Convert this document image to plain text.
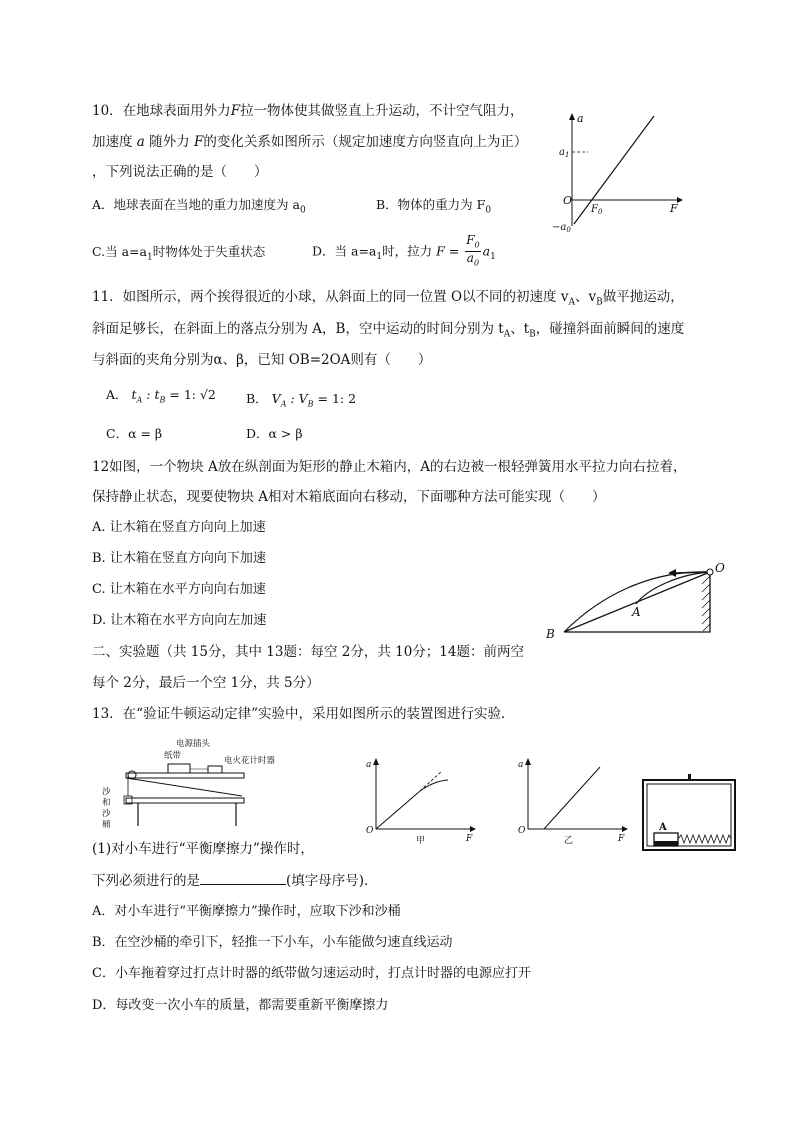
10．在地球表面用外力F拉一物体使其做竖直上升运动，不计空气阻力，
加速度 a 随外力 F的变化关系如图所示（规定加速度方向竖直向上为正）
，下列说法正确的是（　　）
A．地球表面在当地的重力加速度为 $a_0$	B．物体的重力为 $F_0$
C.当 $a=a_1$时物体处于失重状态	D．当 $a=a_1$时，拉力 $F = \frac{F_0}{a_0} a_1$
a
F
O
$a_1$
$F_0$
$-a_0$
11．如图所示，两个挨得很近的小球，从斜面上的同一位置 O以不同的初速度 $v_A$、$v_B$做平抛运动，
斜面足够长，在斜面上的落点分别为 A，B，空中运动的时间分别为 $t_A$、$t_B$，碰撞斜面前瞬间的速度
与斜面的夹角分别为α、β，已知 OB=2OA则有（　　）
A． $t_A$ : $t_B = 1$: √2 B． $V_A$ : $V_B = 1$: 2
C．α = β	D．α > β
12如图，一个物块 A放在纵剖面为矩形的静止木箱内，A的右边被一根轻弹簧用水平拉力向右拉着，
保持静止状态，现要使物块 A相对木箱底面向右移动，下面哪种方法可能实现（　　）
A. 让木箱在竖直方向向上加速
B. 让木箱在竖直方向向下加速
C. 让木箱在水平方向向右加速
D. 让木箱在水平方向向左加速
O
A
B
二、实验题（共 15分，其中 13题：每空 2分，共 10分；14题：前两空
每个 2分，最后一个空 1分，共 5分）
13．在“验证牛顿运动定律”实验中，采用如图所示的装置图进行实验．
电源插头
纸带	电火花计时器
沙
和
沙
桶
a
O
F
甲
a
O
F
乙
A
(1)对小车进行“平衡摩擦力”操作时，
下列必须进行的是	(填字母序号)．
A．对小车进行“平衡摩擦力”操作时，应取下沙和沙桶
B．在空沙桶的牵引下，轻推一下小车，小车能做匀速直线运动
C．小车拖着穿过打点计时器的纸带做匀速运动时，打点计时器的电源应打开
D．每改变一次小车的质量，都需要重新平衡摩擦力
